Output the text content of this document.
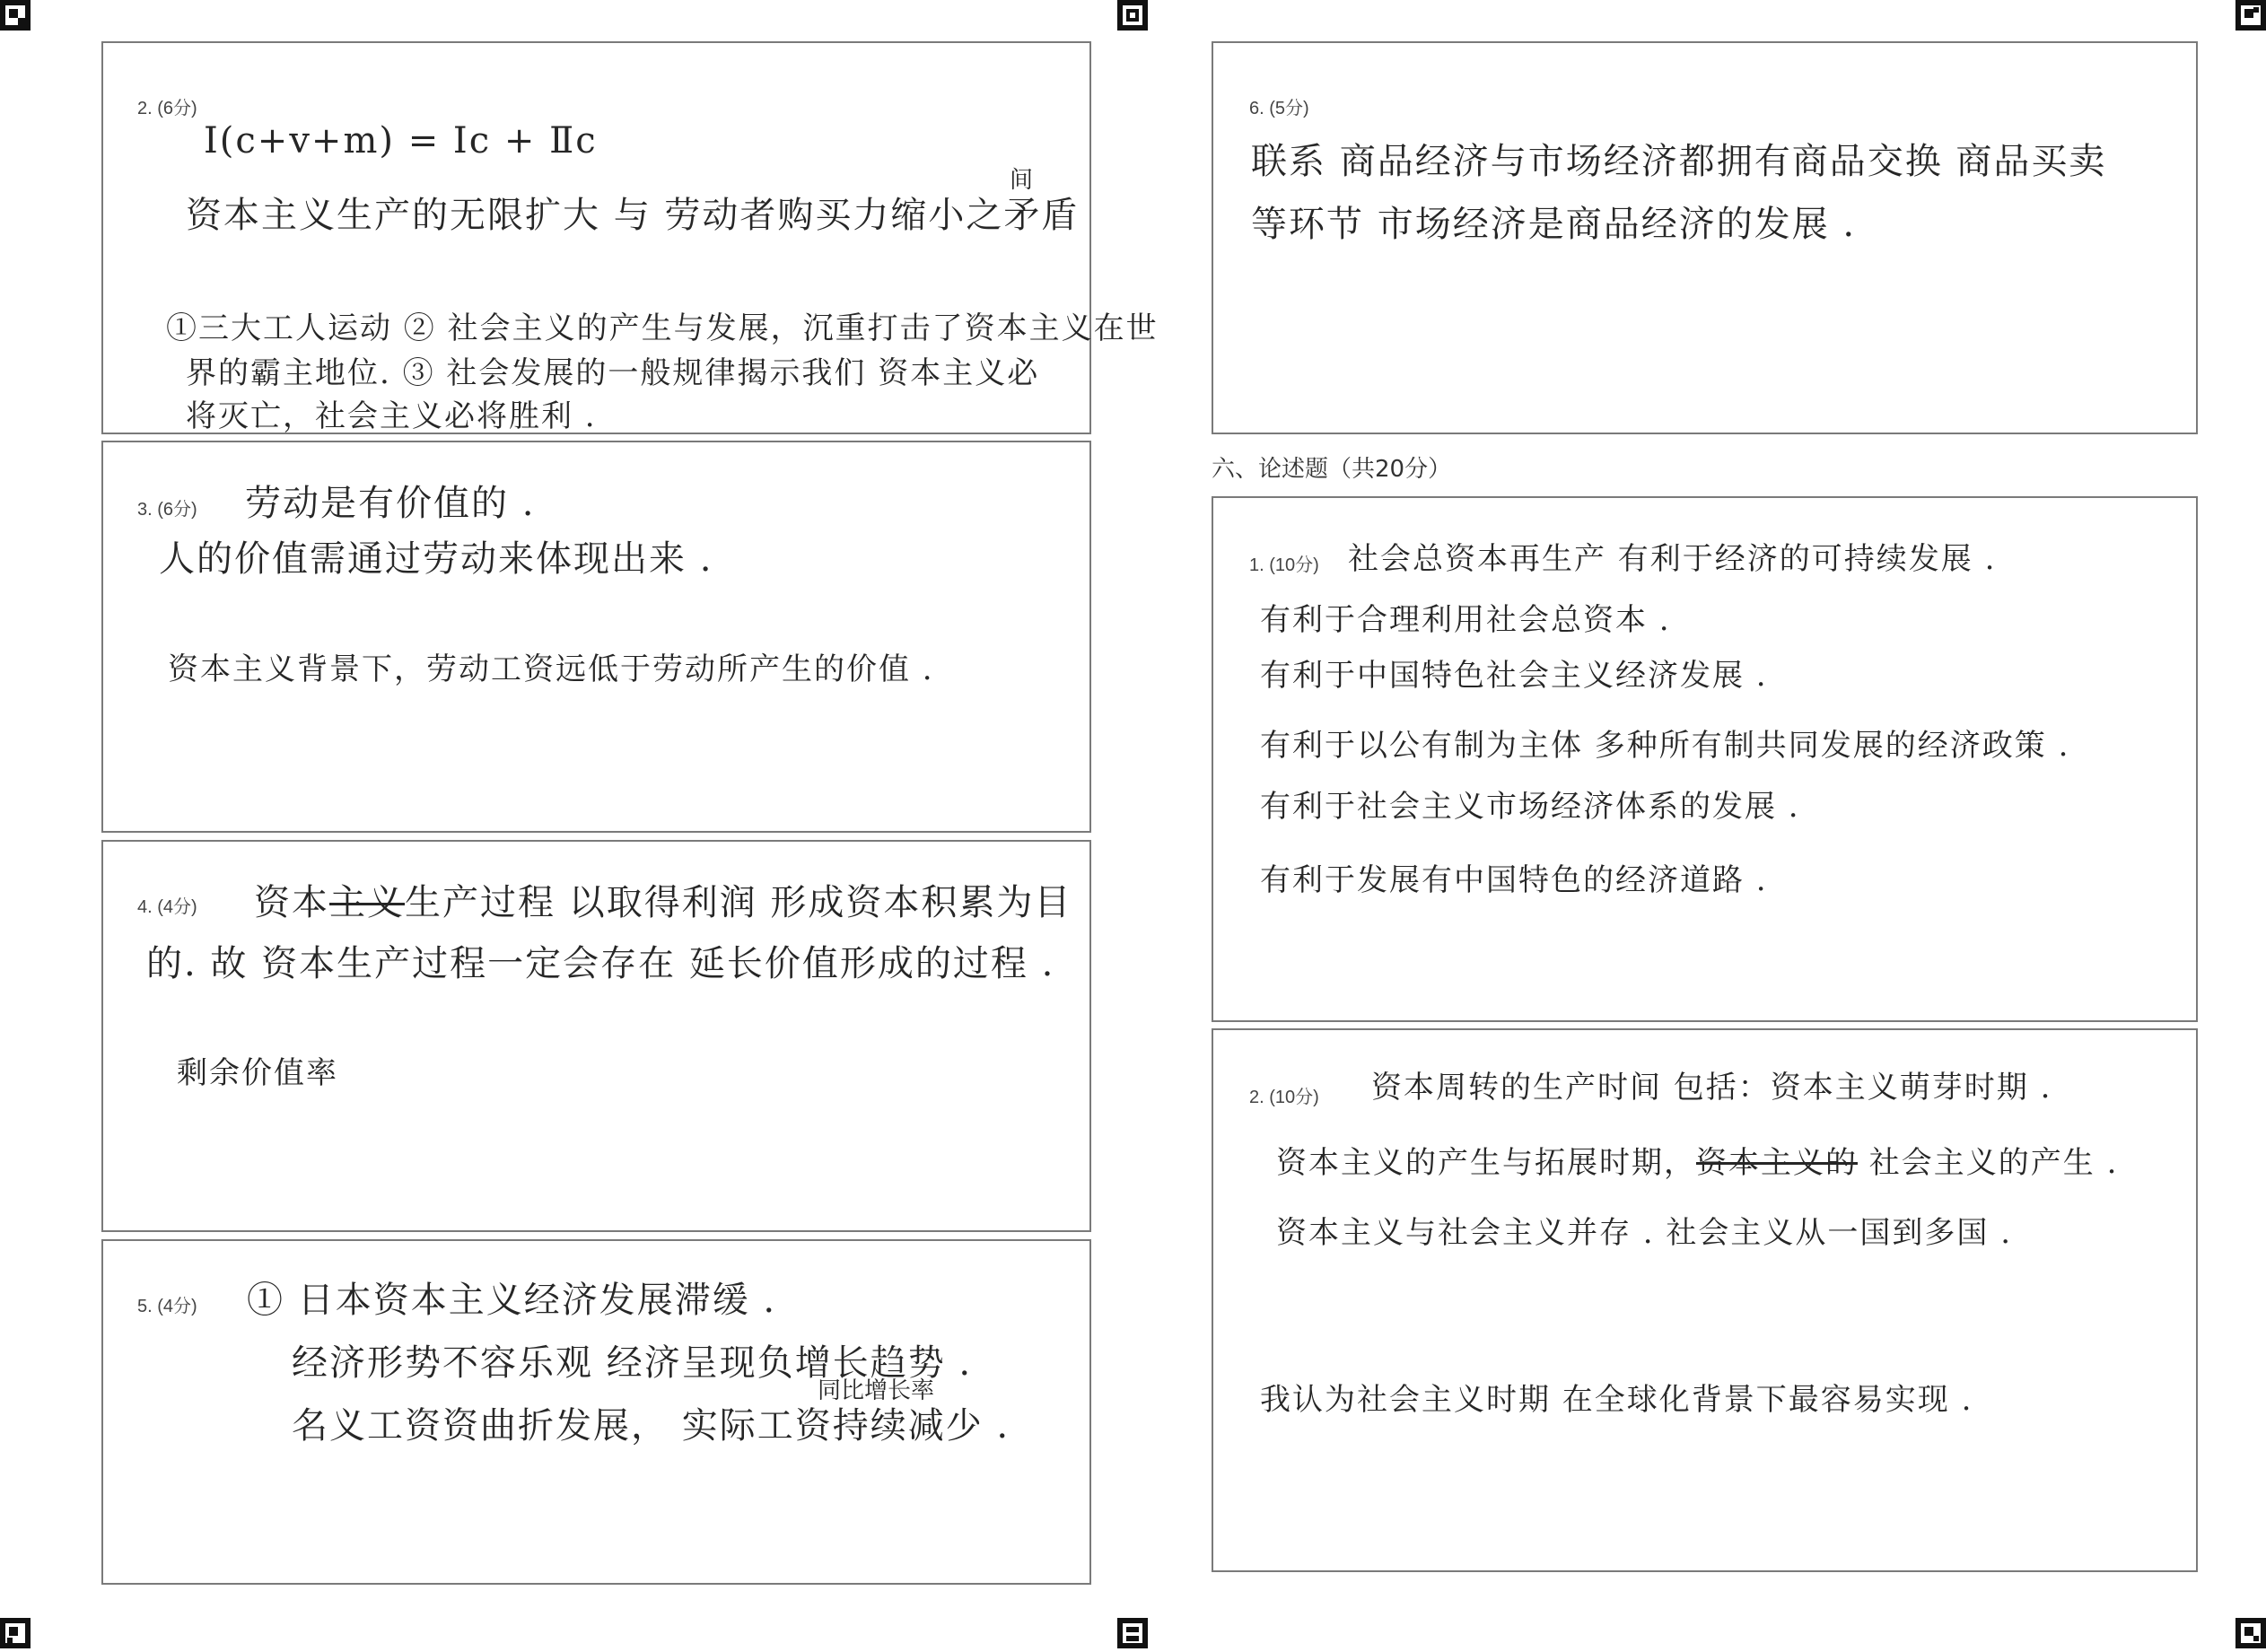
2. (6分)
Ⅰ(c+v+m) = Ⅰc + Ⅱc
间
资本主义生产的无限扩大 与 劳动者购买力缩小之矛盾
①三大工人运动 ② 社会主义的产生与发展，沉重打击了资本主义在世
界的霸主地位. ③ 社会发展的一般规律揭示我们 资本主义必
将灭亡，社会主义必将胜利 .
3. (6分) 劳动是有价值的 .
人的价值需通过劳动来体现出来 .
资本主义背景下，劳动工资远低于劳动所产生的价值 .
4. (4分) 资本主义生产过程 以取得利润 形成资本积累为目
的. 故 资本生产过程一定会存在 延长价值形成的过程 .
剩余价值率
5. (4分) ① 日本资本主义经济发展滞缓 .
经济形势不容乐观 经济呈现负增长趋势 .
同比增长率
名义工资资曲折发展， 实际工资持续减少 .
6. (5分)
联系 商品经济与市场经济都拥有商品交换 商品买卖
等环节 市场经济是商品经济的发展 .
六、论述题（共20分）
1. (10分) 社会总资本再生产 有利于经济的可持续发展 .
有利于合理利用社会总资本 .
有利于中国特色社会主义经济发展 .
有利于以公有制为主体 多种所有制共同发展的经济政策 .
有利于社会主义市场经济体系的发展 .
有利于发展有中国特色的经济道路 .
2. (10分) 资本周转的生产时间 包括：资本主义萌芽时期 .
资本主义的产生与拓展时期，资本主义的 社会主义的产生 .
资本主义与社会主义并存 . 社会主义从一国到多国 .
我认为社会主义时期 在全球化背景下最容易实现 .
